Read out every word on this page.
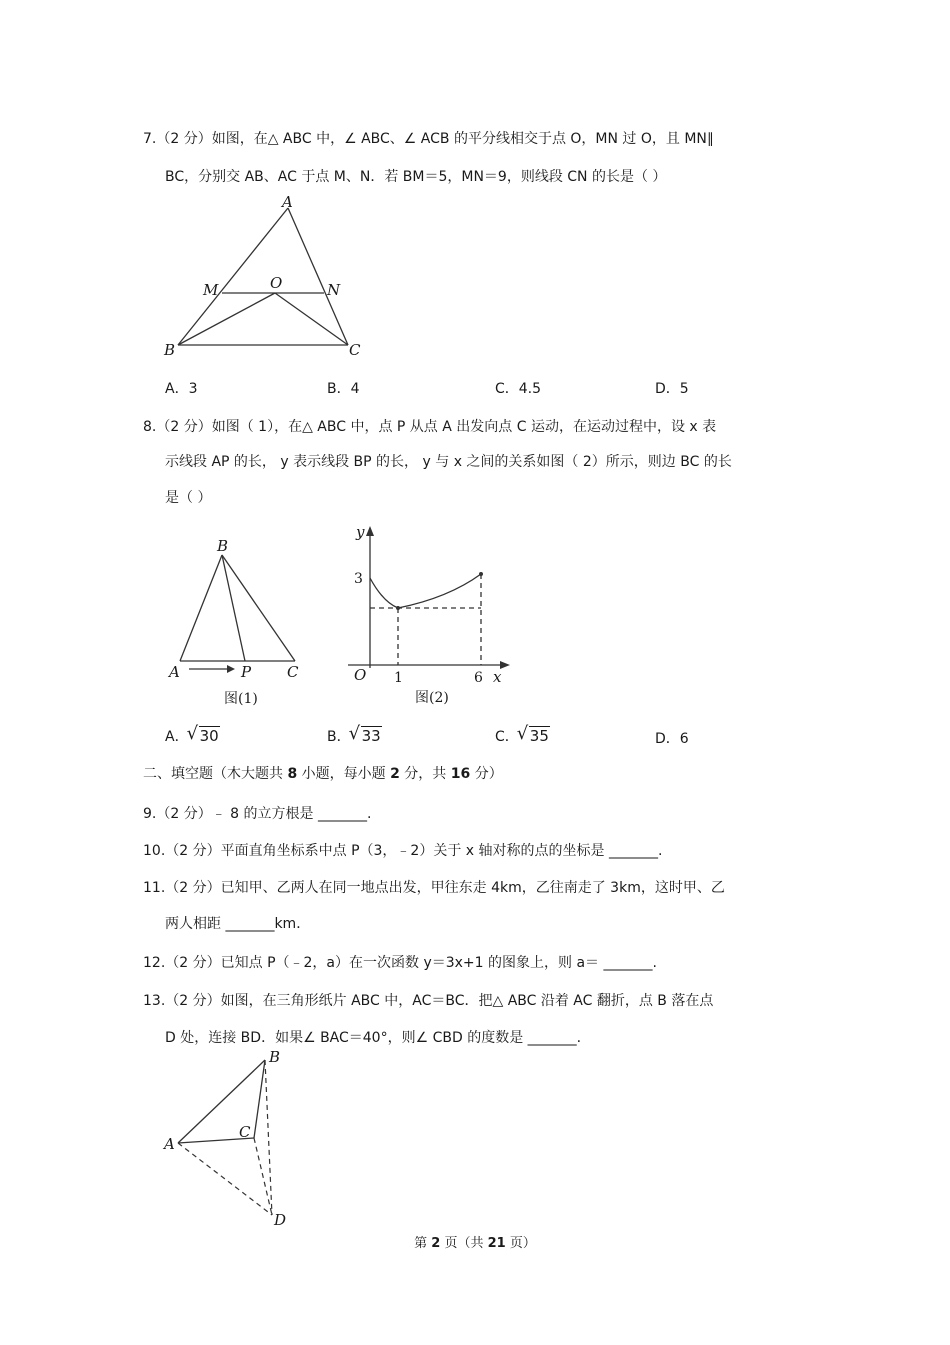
7.（2 分）如图，在△ ABC 中，∠ ABC、∠ ACB 的平分线相交于点 O，MN 过 O，且 MN∥
BC，分别交 AB、AC 于点 M、N．若 BM＝5，MN＝9，则线段 CN 的长是（ ）
A
M	O	N
B	C
A．3	B．4	C．4.5	D．5
8.（2 分）如图（ 1），在△ ABC 中，点 P 从点 A 出发向点 C 运动，在运动过程中，设 x 表
示线段 AP 的长， y 表示线段 BP 的长， y 与 x 之间的关系如图（ 2）所示，则边 BC 的长
是（ ）
B
A	P C
图(1)
y
3
O 1	6 x
图(2)
A．
√ 30	B．
√ 33	C．
√ 35	D．6
二、填空题（木大题共 8 小题，每小题 2 分，共 16 分）
9.（2 分）﹣ 8 的立方根是 _______.
10.（2 分）平面直角坐标系中点 P（3，﹣2）关于 x 轴对称的点的坐标是 _______.
11.（2 分）已知甲、乙两人在同一地点出发，甲往东走 4km，乙往南走了 3km，这时甲、乙
两人相距 _______km．
12.（2 分）已知点 P（﹣2，a）在一次函数 y＝3x+1 的图象上，则 a＝ _______.
13.（2 分）如图，在三角形纸片 ABC 中，AC＝BC．把△ ABC 沿着 AC 翻折，点 B 落在点
D 处，连接 BD．如果∠ BAC＝40°，则∠ CBD 的度数是 _______.
A
B
C
D
第 2 页（共 21 页）
